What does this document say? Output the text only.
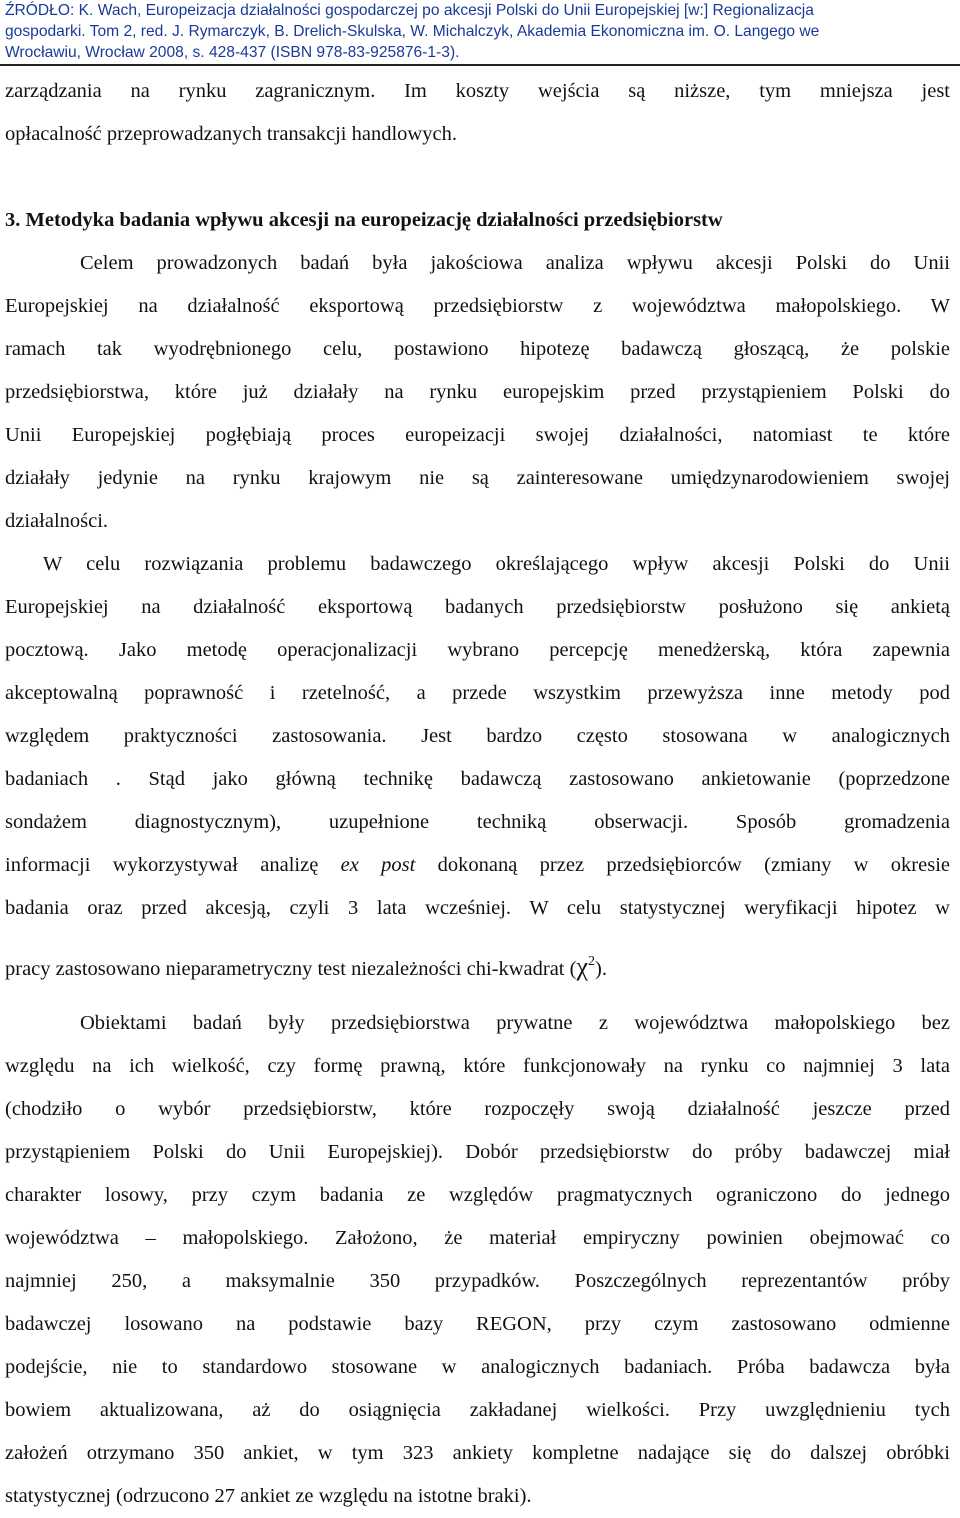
ŹRÓDŁO: K. Wach, Europeizacja działalności gospodarczej po akcesji Polski do Unii Europejskiej [w:] Regionalizacja
gospodarki. Tom 2, red. J. Rymarczyk, B. Drelich-Skulska, W. Michalczyk, Akademia Ekonomiczna im. O. Langego we
Wrocławiu, Wrocław 2008, s. 428-437 (ISBN 978-83-925876-1-3).
zarządzania na rynku zagranicznym. Im koszty wejścia są niższe, tym mniejsza jest
opłacalność przeprowadzanych transakcji handlowych.
3. Metodyka badania wpływu akcesji na europeizację działalności przedsiębiorstw
Celem prowadzonych badań była jakościowa analiza wpływu akcesji Polski do Unii
Europejskiej na działalność eksportową przedsiębiorstw z województwa małopolskiego. W
ramach tak wyodrębnionego celu, postawiono hipotezę badawczą głoszącą, że polskie
przedsiębiorstwa, które już działały na rynku europejskim przed przystąpieniem Polski do
Unii Europejskiej pogłębiają proces europeizacji swojej działalności, natomiast te które
działały jedynie na rynku krajowym nie są zainteresowane umiędzynarodowieniem swojej
działalności.
W celu rozwiązania problemu badawczego określającego wpływ akcesji Polski do Unii
Europejskiej na działalność eksportową badanych przedsiębiorstw posłużono się ankietą
pocztową. Jako metodę operacjonalizacji wybrano percepcję menedżerską, która zapewnia
akceptowalną poprawność i rzetelność, a przede wszystkim przewyższa inne metody pod
względem praktyczności zastosowania. Jest bardzo często stosowana w analogicznych
badaniach . Stąd jako główną technikę badawczą zastosowano ankietowanie (poprzedzone
sondażem diagnostycznym), uzupełnione techniką obserwacji. Sposób gromadzenia
informacji wykorzystywał analizę ex post dokonaną przez przedsiębiorców (zmiany w okresie
badania oraz przed akcesją, czyli 3 lata wcześniej. W celu statystycznej weryfikacji hipotez w
pracy zastosowano nieparametryczny test niezależności chi-kwadrat $(\chi^2)$.
Obiektami badań były przedsiębiorstwa prywatne z województwa małopolskiego bez
względu na ich wielkość, czy formę prawną, które funkcjonowały na rynku co najmniej 3 lata
(chodziło o wybór przedsiębiorstw, które rozpoczęły swoją działalność jeszcze przed
przystąpieniem Polski do Unii Europejskiej). Dobór przedsiębiorstw do próby badawczej miał
charakter losowy, przy czym badania ze względów pragmatycznych ograniczono do jednego
województwa – małopolskiego. Założono, że materiał empiryczny powinien obejmować co
najmniej 250, a maksymalnie 350 przypadków. Poszczególnych reprezentantów próby
badawczej losowano na podstawie bazy REGON, przy czym zastosowano odmienne
podejście, nie to standardowo stosowane w analogicznych badaniach. Próba badawcza była
bowiem aktualizowana, aż do osiągnięcia zakładanej wielkości. Przy uwzględnieniu tych
założeń otrzymano 350 ankiet, w tym 323 ankiety kompletne nadające się do dalszej obróbki
statystycznej (odrzucono 27 ankiet ze względu na istotne braki).
